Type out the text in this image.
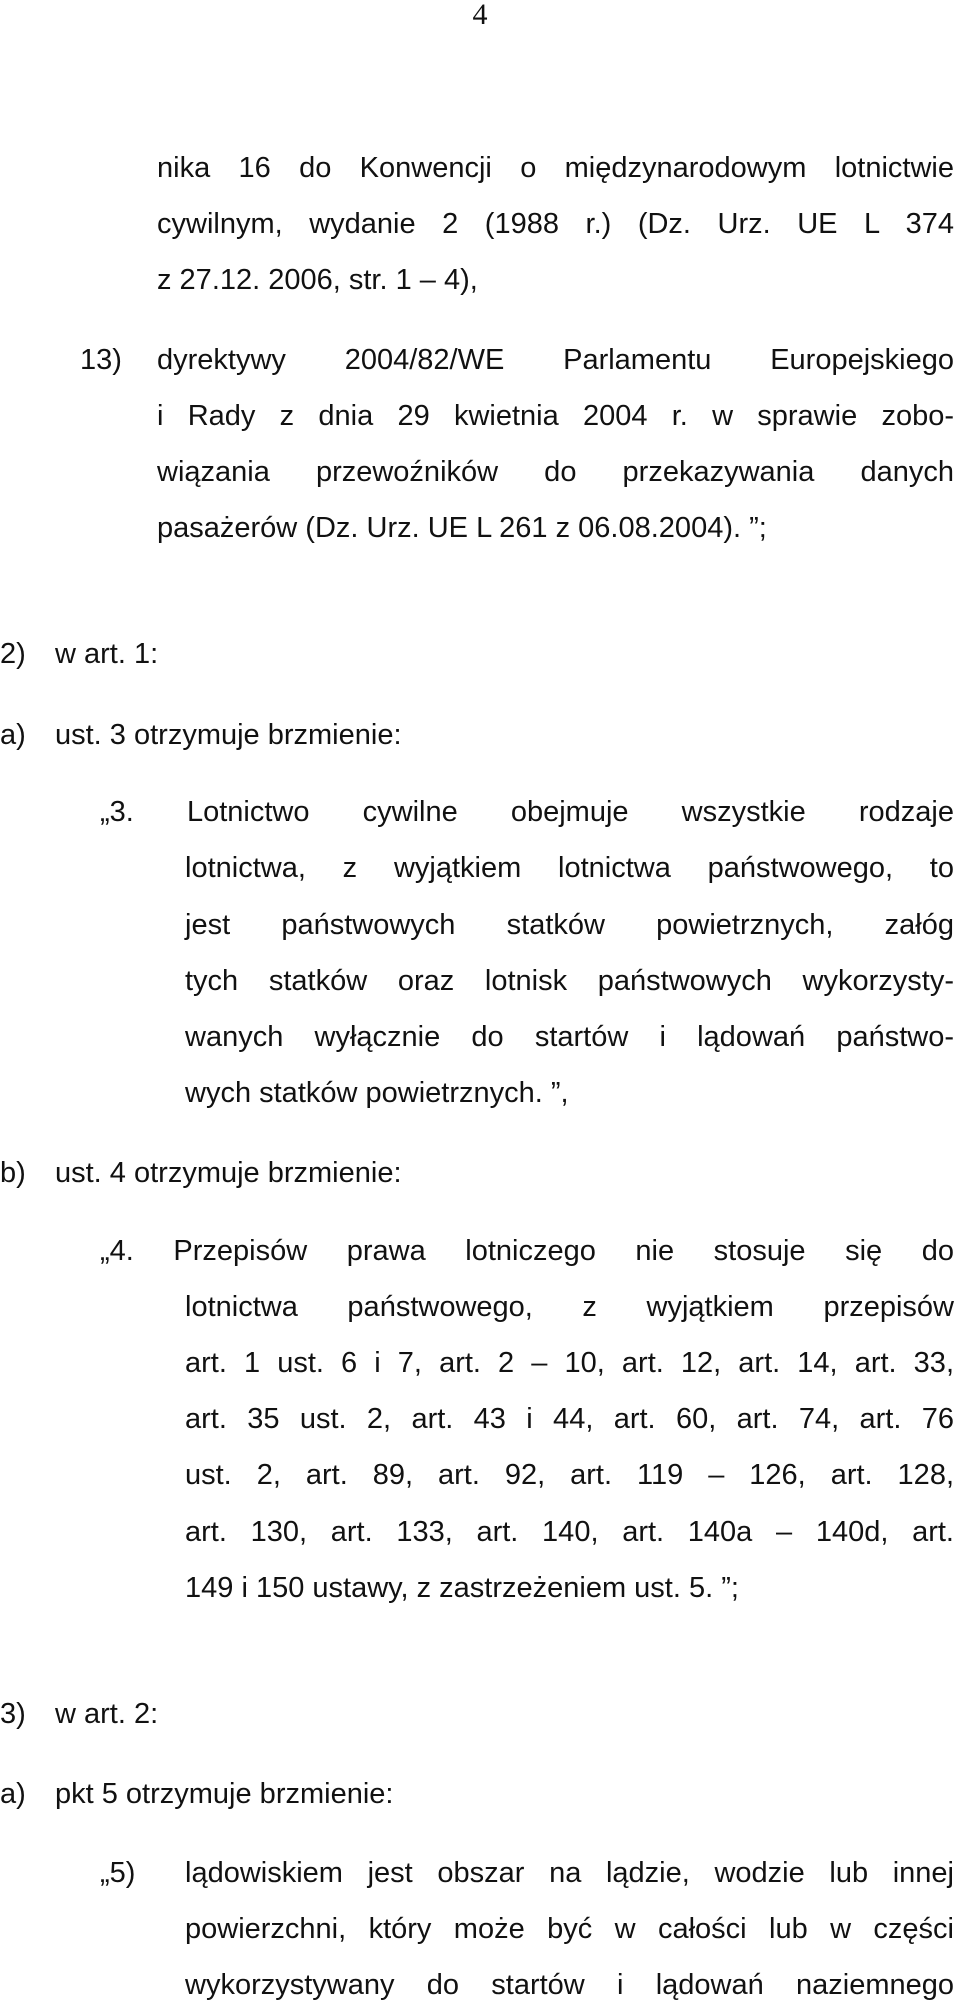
4
nika 16 do Konwencji o międzynarodowym lotnictwie
cywilnym, wydanie 2 (1988 r.) (Dz. Urz. UE L 374
z 27.12. 2006, str. 1 – 4),
13) dyrektywy 2004/82/WE Parlamentu Europejskiego
i Rady z dnia 29 kwietnia 2004 r. w sprawie zobo-
wiązania przewoźników do przekazywania danych
pasażerów (Dz. Urz. UE L 261 z 06.08.2004). ”;
2) w art. 1:
a) ust. 3 otrzymuje brzmienie:
„3. Lotnictwo cywilne obejmuje wszystkie rodzaje
lotnictwa, z wyjątkiem lotnictwa państwowego, to
jest państwowych statków powietrznych, załóg
tych statków oraz lotnisk państwowych wykorzysty-
wanych wyłącznie do startów i lądowań państwo-
wych statków powietrznych. ”,
b) ust. 4 otrzymuje brzmienie:
„4. Przepisów prawa lotniczego nie stosuje się do
lotnictwa państwowego, z wyjątkiem przepisów
art. 1 ust. 6 i 7, art. 2 – 10, art. 12, art. 14, art. 33,
art. 35 ust. 2, art. 43 i 44, art. 60, art. 74, art. 76
ust. 2, art. 89, art. 92, art. 119 – 126, art. 128,
art. 130, art. 133, art. 140, art. 140a – 140d, art.
149 i 150 ustawy, z zastrzeżeniem ust. 5. ”;
3) w art. 2:
a) pkt 5 otrzymuje brzmienie:
„5) lądowiskiem jest obszar na lądzie, wodzie lub innej
powierzchni, który może być w całości lub w części
wykorzystywany do startów i lądowań naziemnego
